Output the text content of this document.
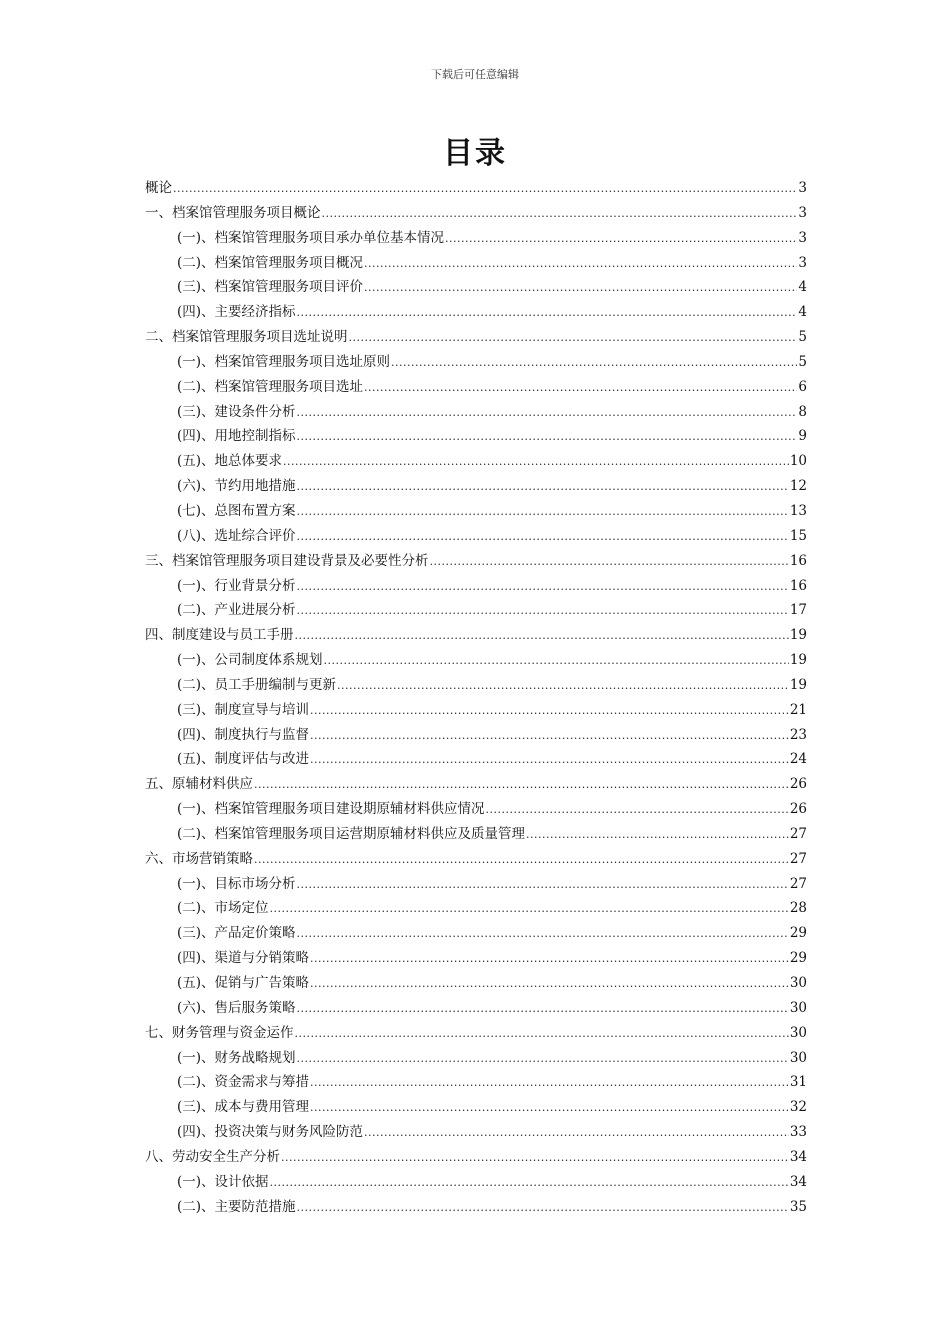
下载后可任意编辑
目录
概论 .....	3
一、档案馆管理服务项目概论 .....	3
(一)、档案馆管理服务项目承办单位基本情况 .....	3
(二)、档案馆管理服务项目概况 .....	3
(三)、档案馆管理服务项目评价 .....	4
(四)、主要经济指标 .....	4
二、档案馆管理服务项目选址说明 .....	5
(一)、档案馆管理服务项目选址原则 .....	5
(二)、档案馆管理服务项目选址 .....	6
(三)、建设条件分析 .....	8
(四)、用地控制指标 .....	9
(五)、地总体要求 .....	10
(六)、节约用地措施 .....	12
(七)、总图布置方案 .....	13
(八)、选址综合评价 .....	15
三、档案馆管理服务项目建设背景及必要性分析 .....	16
(一)、行业背景分析 .....	16
(二)、产业进展分析 .....	17
四、制度建设与员工手册 .....	19
(一)、公司制度体系规划 .....	19
(二)、员工手册编制与更新 .....	19
(三)、制度宣导与培训 .....	21
(四)、制度执行与监督 .....	23
(五)、制度评估与改进 .....	24
五、原辅材料供应 .....	26
(一)、档案馆管理服务项目建设期原辅材料供应情况 .....	26
(二)、档案馆管理服务项目运营期原辅材料供应及质量管理 .....	27
六、市场营销策略 .....	27
(一)、目标市场分析 .....	27
(二)、市场定位 .....	28
(三)、产品定价策略 .....	29
(四)、渠道与分销策略 .....	29
(五)、促销与广告策略 .....	30
(六)、售后服务策略 .....	30
七、财务管理与资金运作 .....	30
(一)、财务战略规划 .....	30
(二)、资金需求与筹措 .....	31
(三)、成本与费用管理 .....	32
(四)、投资决策与财务风险防范 .....	33
八、劳动安全生产分析 .....	34
(一)、设计依据 .....	34
(二)、主要防范措施 .....	35
